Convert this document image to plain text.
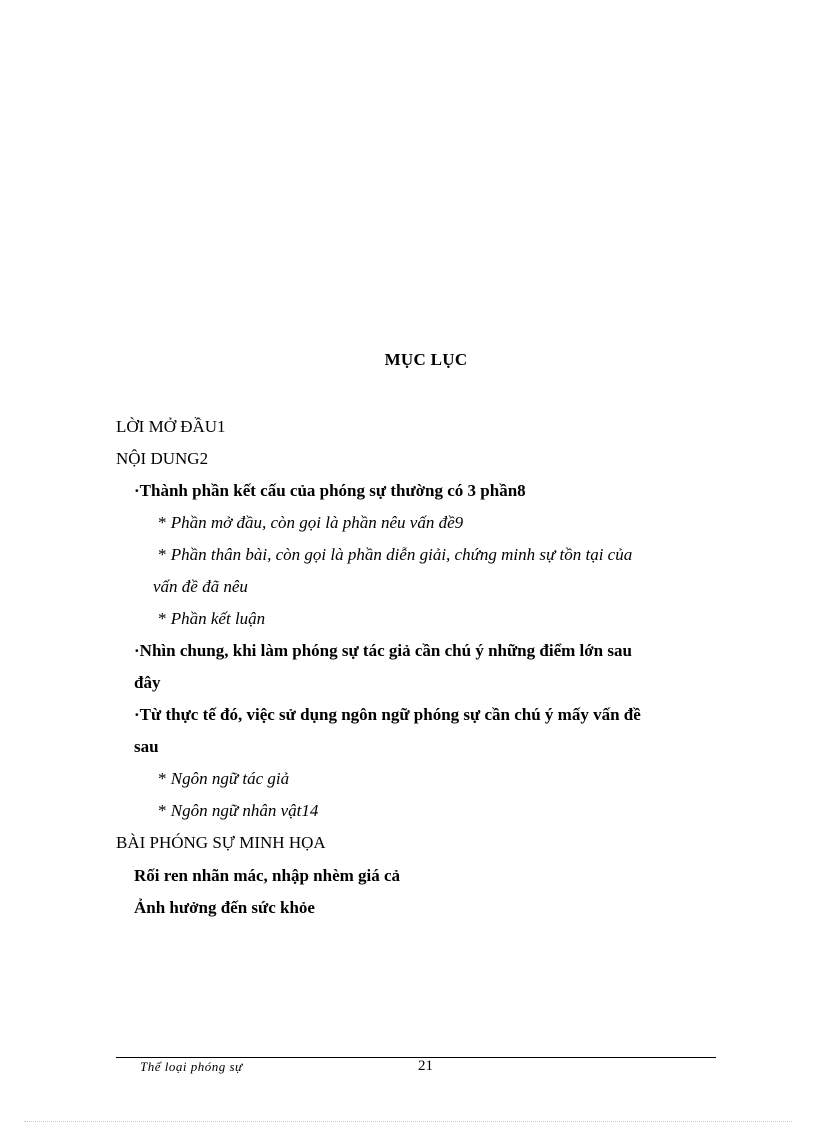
MỤC LỤC
LỜI MỞ ĐẦU1
NỘI DUNG2
·Thành phần kết cấu của phóng sự thường có 3 phần8
* Phần mở đầu, còn gọi là phần nêu vấn đề9
* Phần thân bài, còn gọi là phần diễn giải, chứng minh sự tồn tại của
vấn đề đã nêu
* Phần kết luận
·Nhìn chung, khi làm phóng sự tác giả cần chú ý những điểm lớn sau
đây
·Từ thực tế đó, việc sử dụng ngôn ngữ phóng sự cần chú ý mấy vấn đề
sau
* Ngôn ngữ tác giả
* Ngôn ngữ nhân vật14
BÀI PHÓNG SỰ MINH HỌA
Rối ren nhãn mác, nhập nhèm giá cả
Ảnh hưởng đến sức khỏe
Thể loại phóng sự	21
